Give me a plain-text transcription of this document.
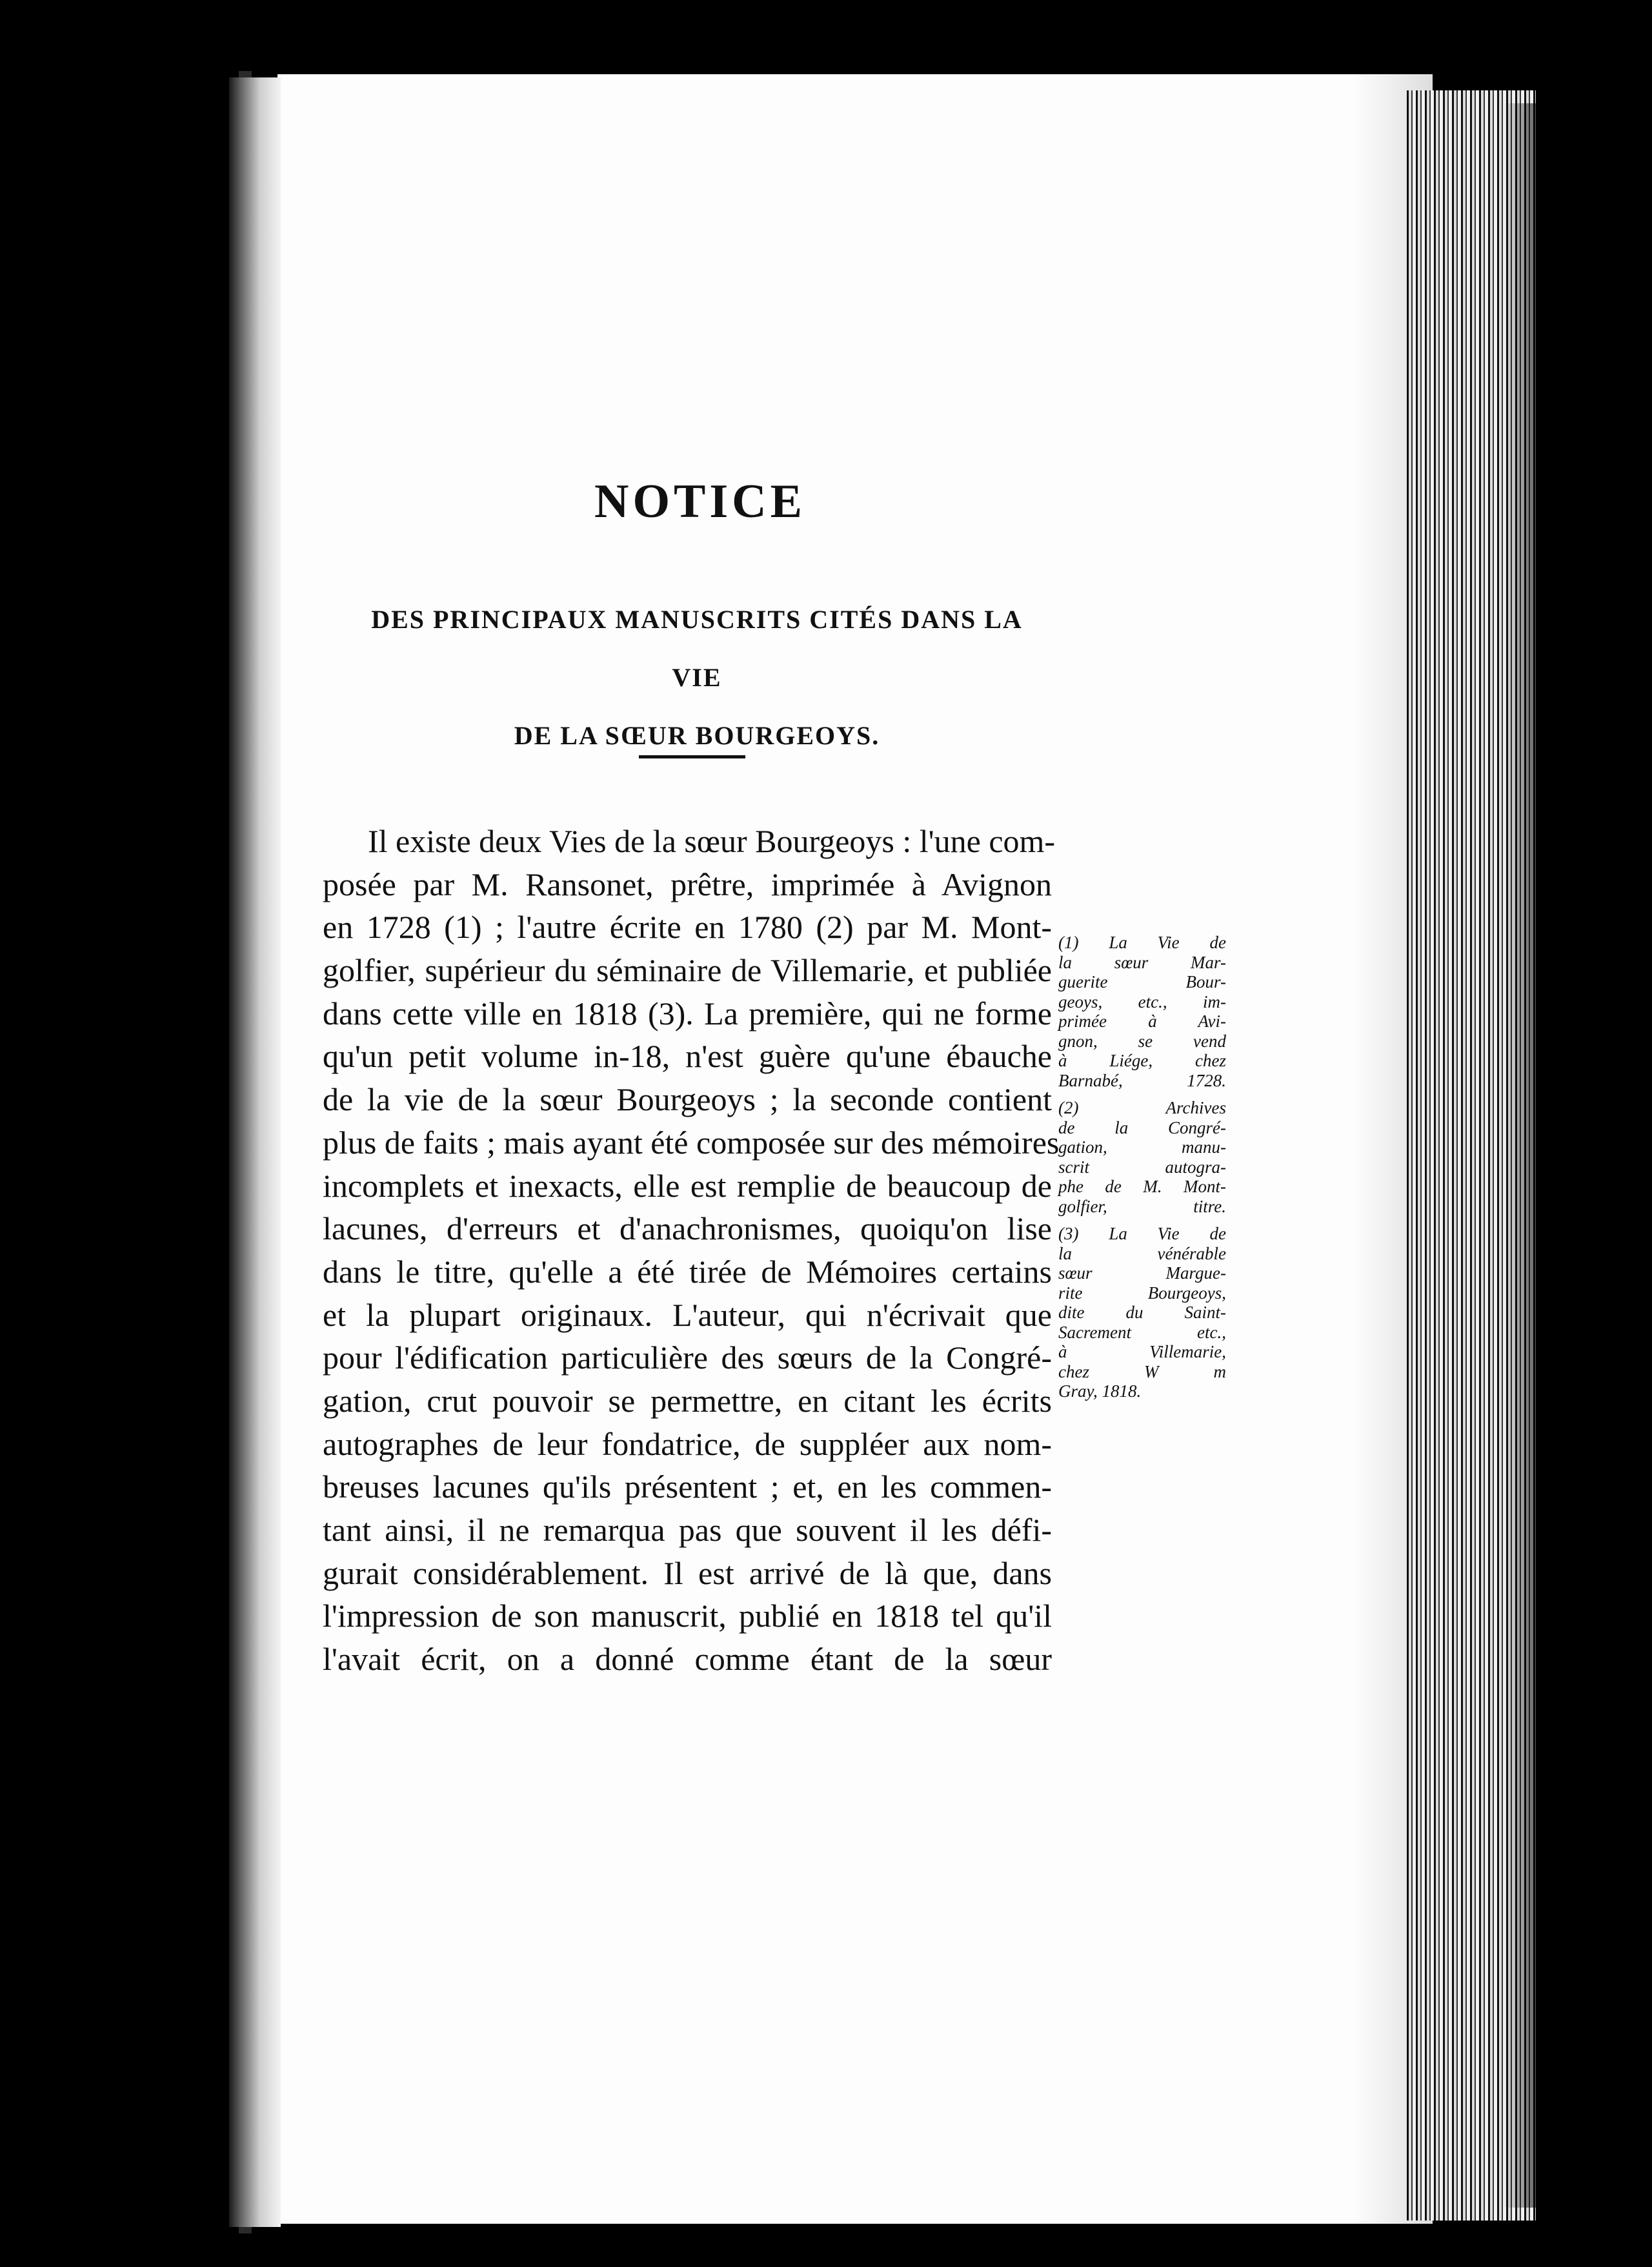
NOTICE
DES PRINCIPAUX MANUSCRITS CITÉS DANS LA VIE
DE LA SŒUR BOURGEOYS.
Il existe deux Vies de la sœur Bourgeoys : l'une com-
posée par M. Ransonet, prêtre, imprimée à Avignon
en 1728 (1) ; l'autre écrite en 1780 (2) par M. Mont-
golfier, supérieur du séminaire de Villemarie, et publiée
dans cette ville en 1818 (3). La première, qui ne forme
qu'un petit volume in-18, n'est guère qu'une ébauche
de la vie de la sœur Bourgeoys ; la seconde contient
plus de faits ; mais ayant été composée sur des mémoires
incomplets et inexacts, elle est remplie de beaucoup de
lacunes, d'erreurs et d'anachronismes, quoiqu'on lise
dans le titre, qu'elle a été tirée de Mémoires certains
et la plupart originaux. L'auteur, qui n'écrivait que
pour l'édification particulière des sœurs de la Congré-
gation, crut pouvoir se permettre, en citant les écrits
autographes de leur fondatrice, de suppléer aux nom-
breuses lacunes qu'ils présentent ; et, en les commen-
tant ainsi, il ne remarqua pas que souvent il les défi-
gurait considérablement. Il est arrivé de là que, dans
l'impression de son manuscrit, publié en 1818 tel qu'il
l'avait écrit, on a donné comme étant de la sœur
(1) La Vie de
la sœur Mar-
guerite Bour-
geoys, etc., im-
primée à Avi-
gnon, se vend
à Liége, chez
Barnabé, 1728.
(2) Archives
de la Congré-
gation, manu-
scrit autogra-
phe de M. Mont-
golfier, titre.
(3) La Vie de
la vénérable
sœur Margue-
rite Bourgeoys,
dite du Saint-
Sacrement etc.,
à Villemarie,
chez W m
Gray, 1818.
